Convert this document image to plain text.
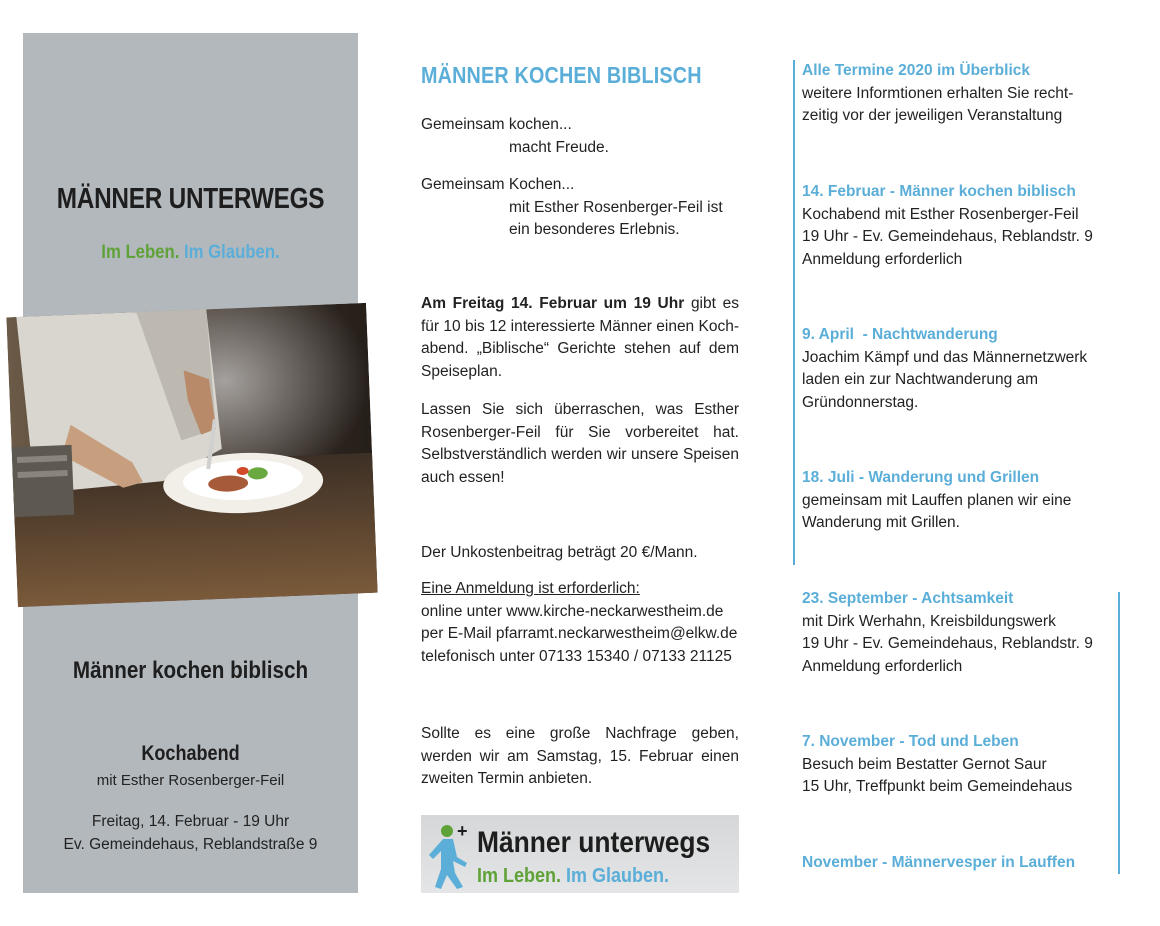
MÄNNER UNTERWEGS
Im Leben. Im Glauben.
Männer kochen biblisch
Kochabend
mit Esther Rosenberger-Feil
Freitag, 14. Februar - 19 Uhr
Ev. Gemeindehaus, Reblandstraße 9
MÄNNER KOCHEN BIBLISCH
Gemeinsam kochen...
macht Freude.
Gemeinsam Kochen...
mit Esther Rosenberger-Feil ist
ein besonderes Erlebnis.
Am Freitag 14. Februar um 19 Uhr gibt es für 10 bis 12 interessierte Männer einen Koch-abend. „Biblische“ Gerichte stehen auf dem Speiseplan.
Lassen Sie sich überraschen, was Esther Rosenberger-Feil für Sie vorbereitet hat. Selbstverständlich werden wir unsere Speisen auch essen!
Der Unkostenbeitrag beträgt 20 €/Mann.
Eine Anmeldung ist erforderlich:
online unter www.kirche-neckarwestheim.de
per E-Mail pfarramt.neckarwestheim@elkw.de
telefonisch unter 07133 15340 / 07133 21125
Sollte es eine große Nachfrage geben, werden wir am Samstag, 15. Februar einen zweiten Termin anbieten.
+ Männer unterwegs
Im Leben. Im Glauben.
Alle Termine 2020 im Überblick
weitere Informtionen erhalten Sie recht-
zeitig vor der jeweiligen Veranstaltung
14. Februar - Männer kochen biblisch
Kochabend mit Esther Rosenberger-Feil
19 Uhr - Ev. Gemeindehaus, Reblandstr. 9
Anmeldung erforderlich
9. April  - Nachtwanderung
Joachim Kämpf und das Männernetzwerk
laden ein zur Nachtwanderung am
Gründonnerstag.
18. Juli - Wanderung und Grillen
gemeinsam mit Lauffen planen wir eine
Wanderung mit Grillen.
23. September - Achtsamkeit
mit Dirk Werhahn, Kreisbildungswerk
19 Uhr - Ev. Gemeindehaus, Reblandstr. 9
Anmeldung erforderlich
7. November - Tod und Leben
Besuch beim Bestatter Gernot Saur
15 Uhr, Treffpunkt beim Gemeindehaus
November - Männervesper in Lauffen
